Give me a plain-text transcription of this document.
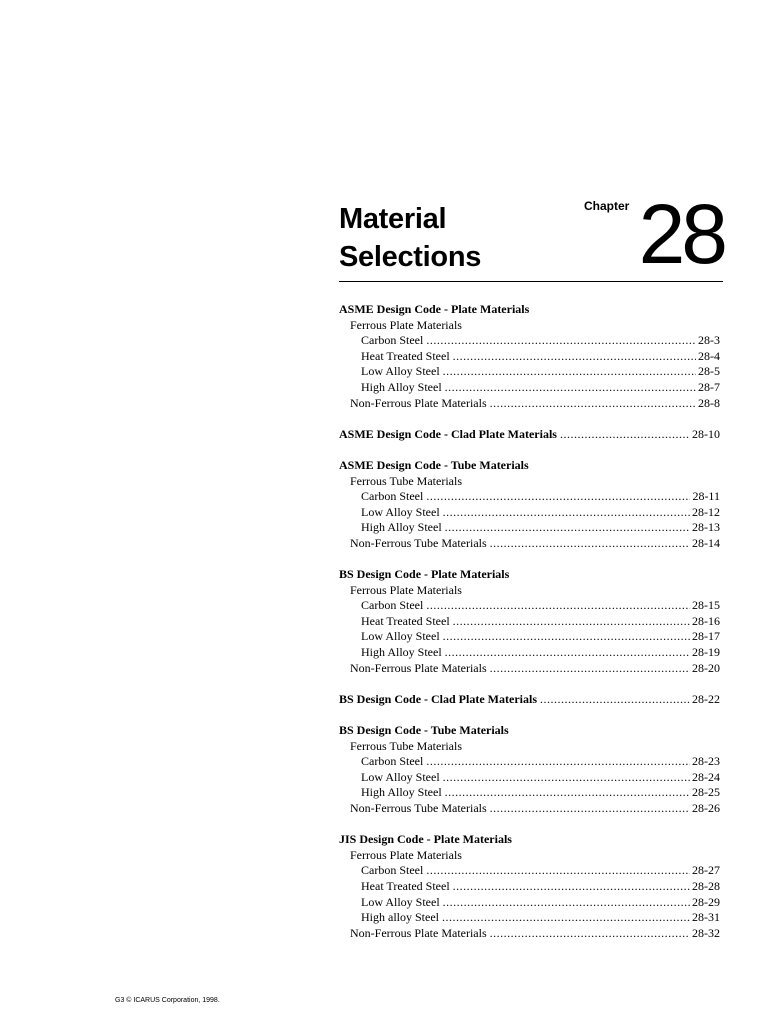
Material
Selections
Chapter 28
ASME Design Code - Plate Materials
Ferrous Plate Materials
Carbon Steel .....	28-3
Heat Treated Steel .....	28-4
Low Alloy Steel .....	28-5
High Alloy Steel .....	28-7
Non-Ferrous Plate Materials .....	28-8
ASME Design Code - Clad Plate Materials .....	28-10
ASME Design Code - Tube Materials
Ferrous Tube Materials
Carbon Steel .....	28-11
Low Alloy Steel .....	28-12
High Alloy Steel .....	28-13
Non-Ferrous Tube Materials .....	28-14
BS Design Code - Plate Materials
Ferrous Plate Materials
Carbon Steel .....	28-15
Heat Treated Steel .....	28-16
Low Alloy Steel .....	28-17
High Alloy Steel .....	28-19
Non-Ferrous Plate Materials .....	28-20
BS Design Code - Clad Plate Materials .....	28-22
BS Design Code - Tube Materials
Ferrous Tube Materials
Carbon Steel .....	28-23
Low Alloy Steel .....	28-24
High Alloy Steel .....	28-25
Non-Ferrous Tube Materials .....	28-26
JIS Design Code - Plate Materials
Ferrous Plate Materials
Carbon Steel .....	28-27
Heat Treated Steel .....	28-28
Low Alloy Steel .....	28-29
High alloy Steel .....	28-31
Non-Ferrous Plate Materials .....	28-32
G3 © ICARUS Corporation, 1998.
